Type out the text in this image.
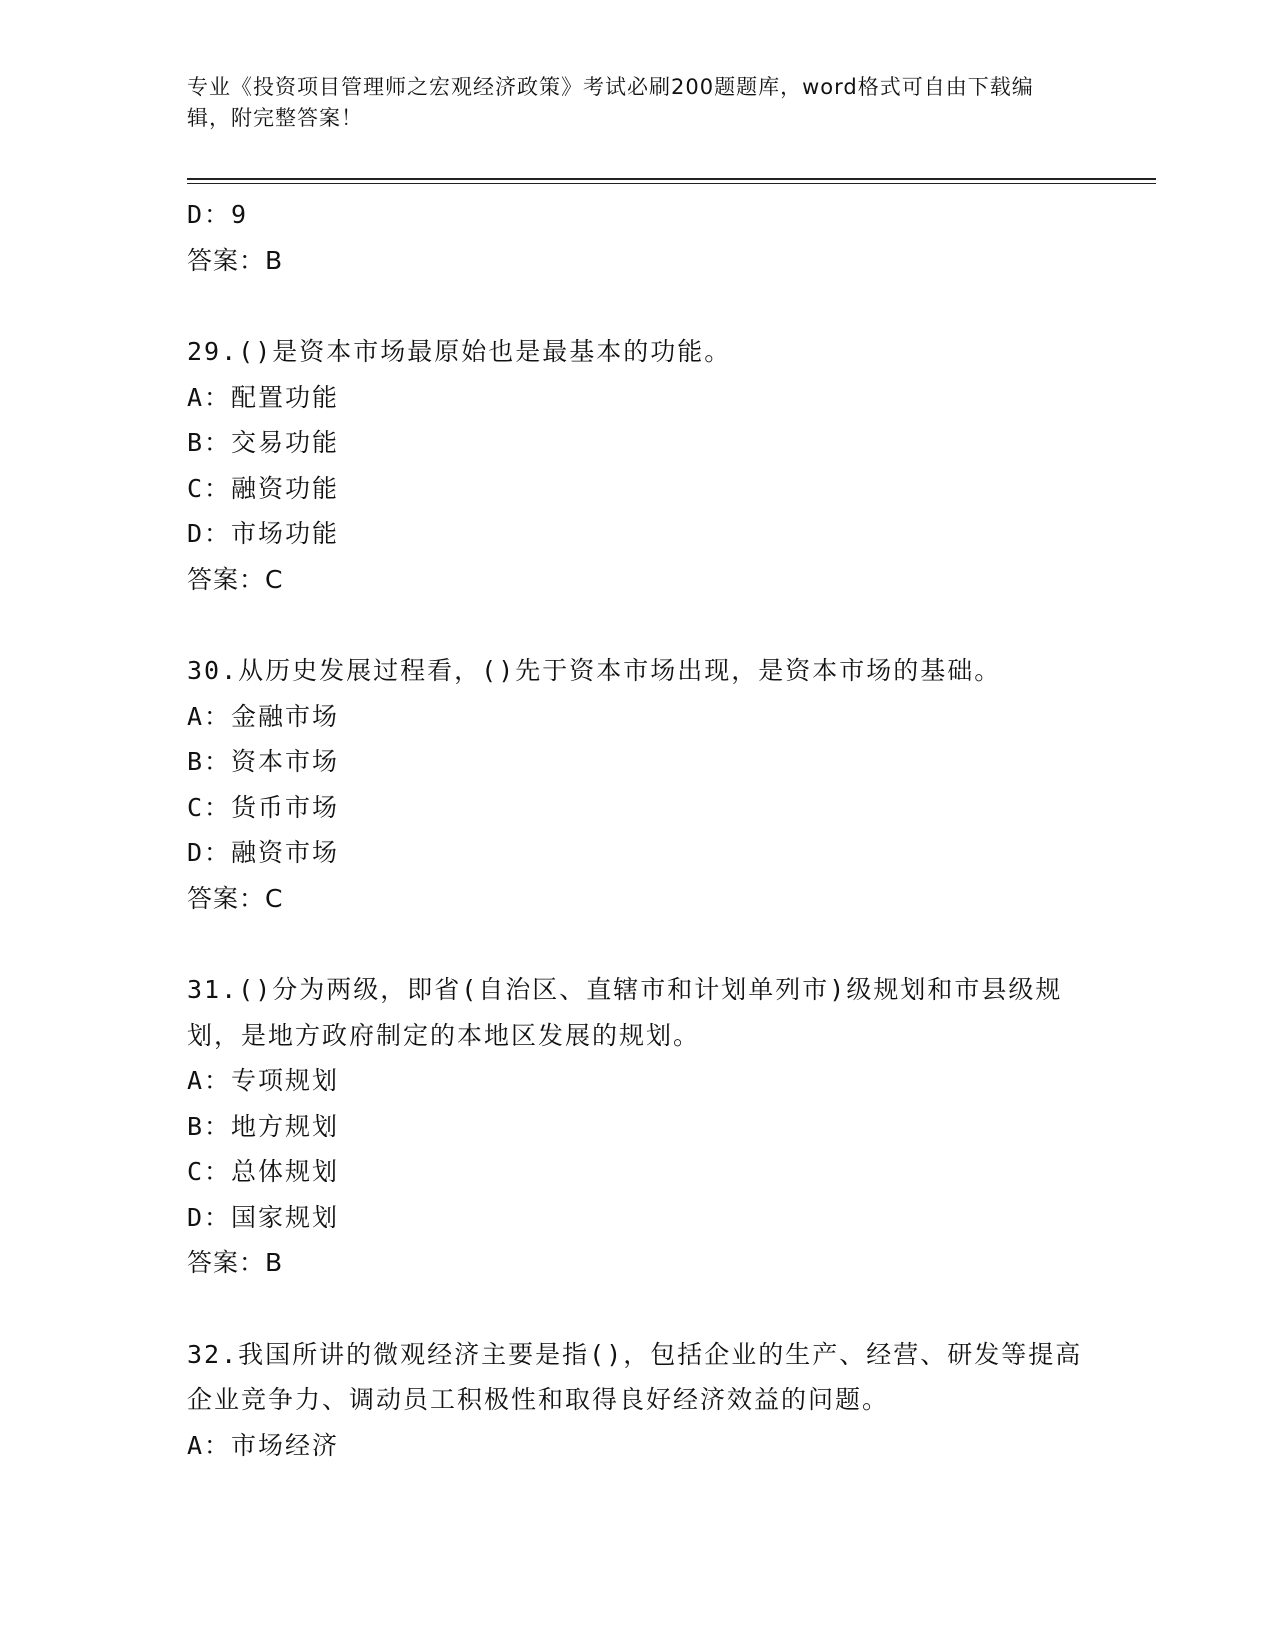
专业《投资项目管理师之宏观经济政策》考试必刷200题题库，word格式可自由下载编辑，附完整答案！
D：9
答案：B
29.()是资本市场最原始也是最基本的功能。
A：配置功能
B：交易功能
C：融资功能
D：市场功能
答案：C
30.从历史发展过程看，()先于资本市场出现，是资本市场的基础。
A：金融市场
B：资本市场
C：货币市场
D：融资市场
答案：C
31.()分为两级，即省(自治区、直辖市和计划单列市)级规划和市县级规划，是地方政府制定的本地区发展的规划。
A：专项规划
B：地方规划
C：总体规划
D：国家规划
答案：B
32.我国所讲的微观经济主要是指()，包括企业的生产、经营、研发等提高企业竞争力、调动员工积极性和取得良好经济效益的问题。
A：市场经济
